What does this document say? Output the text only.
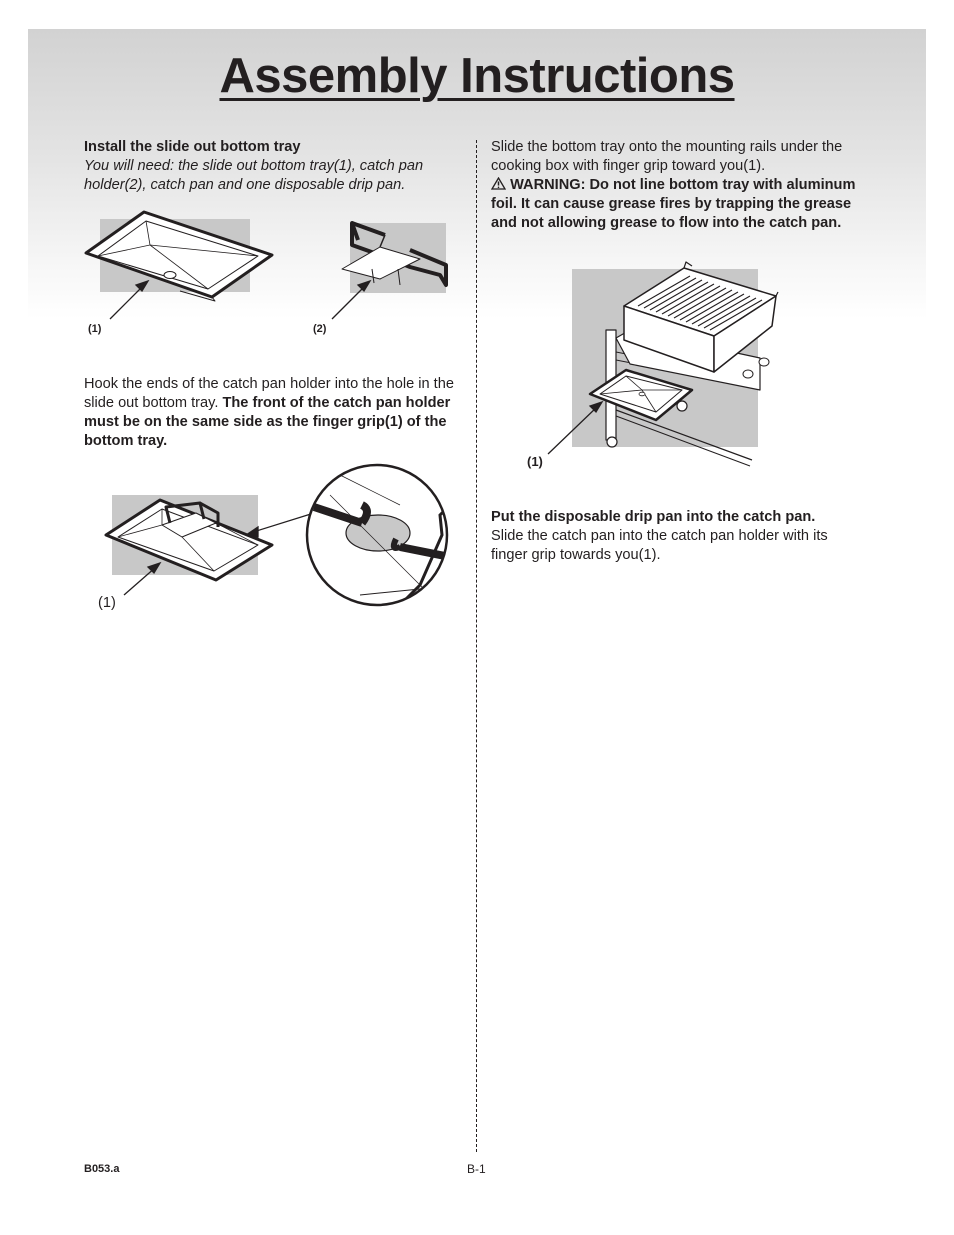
Assembly Instructions

Install the slide out bottom tray

You will need: the slide out bottom tray(1), catch pan holder(2), catch pan and one disposable drip pan.

(1)	(2)

Hook the ends of the catch pan holder into the hole in the slide out bottom tray. The front of the catch pan holder must be on the same side as the finger grip(1) of the bottom tray.

(1)

Slide the bottom tray onto the mounting rails under the cooking box with finger grip toward you(1).

WARNING: Do not line bottom tray with aluminum foil. It can cause grease fires by trapping the grease and not allowing grease to flow into the catch pan.

(1)

Put the disposable drip pan into the catch pan.

Slide the catch pan into the catch pan holder with its finger grip towards you(1).

B053.a	B-1
